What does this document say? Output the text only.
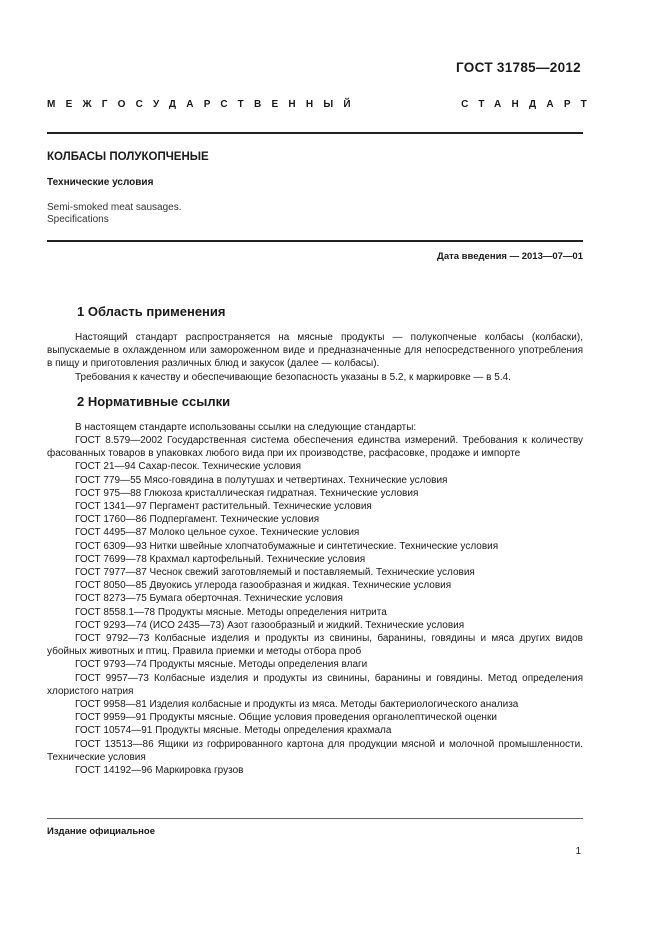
ГОСТ 31785—2012
МЕЖГОСУДАРСТВЕННЫЙ	СТАНДАРТ

КОЛБАСЫ ПОЛУКОПЧЕНЫЕ

Технические условия

Semi-smoked meat sausages.
Specifications

Дата введения — 2013—07—01
1 Область применения

Настоящий стандарт распространяется на мясные продукты — полукопченые колбасы (колбаски), выпускаемые в охлажденном или замороженном виде и предназначенные для непосредственного употребления в пищу и приготовления различных блюд и закусок (далее — колбасы).

Требования к качеству и обеспечивающие безопасность указаны в 5.2, к маркировке — в 5.4.

2 Нормативные ссылки

В настоящем стандарте использованы ссылки на следующие стандарты:

ГОСТ 8.579—2002 Государственная система обеспечения единства измерений. Требования к количеству фасованных товаров в упаковках любого вида при их производстве, расфасовке, продаже и импорте

ГОСТ 21—94 Сахар-песок. Технические условия

ГОСТ 779—55 Мясо-говядина в полутушах и четвертинах. Технические условия

ГОСТ 975—88 Глюкоза кристаллическая гидратная. Технические условия

ГОСТ 1341—97 Пергамент растительный. Технические условия

ГОСТ 1760—86 Подпергамент. Технические условия

ГОСТ 4495—87 Молоко цельное сухое. Технические условия

ГОСТ 6309—93 Нитки швейные хлопчатобумажные и синтетические. Технические условия

ГОСТ 7699—78 Крахмал картофельный. Технические условия

ГОСТ 7977—87 Чеснок свежий заготовляемый и поставляемый. Технические условия

ГОСТ 8050—85 Двуокись углерода газообразная и жидкая. Технические условия

ГОСТ 8273—75 Бумага оберточная. Технические условия

ГОСТ 8558.1—78 Продукты мясные. Методы определения нитрита

ГОСТ 9293—74 (ИСО 2435—73) Азот газообразный и жидкий. Технические условия

ГОСТ 9792—73 Колбасные изделия и продукты из свинины, баранины, говядины и мяса других видов убойных животных и птиц. Правила приемки и методы отбора проб

ГОСТ 9793—74 Продукты мясные. Методы определения влаги

ГОСТ 9957—73 Колбасные изделия и продукты из свинины, баранины и говядины. Метод определения хлористого натрия

ГОСТ 9958—81 Изделия колбасные и продукты из мяса. Методы бактериологического анализа

ГОСТ 9959—91 Продукты мясные. Общие условия проведения органолептической оценки

ГОСТ 10574—91 Продукты мясные. Методы определения крахмала

ГОСТ 13513—86 Ящики из гофрированного картона для продукции мясной и молочной промышленности. Технические условия

ГОСТ 14192—96 Маркировка грузов

Издание официальное
1
